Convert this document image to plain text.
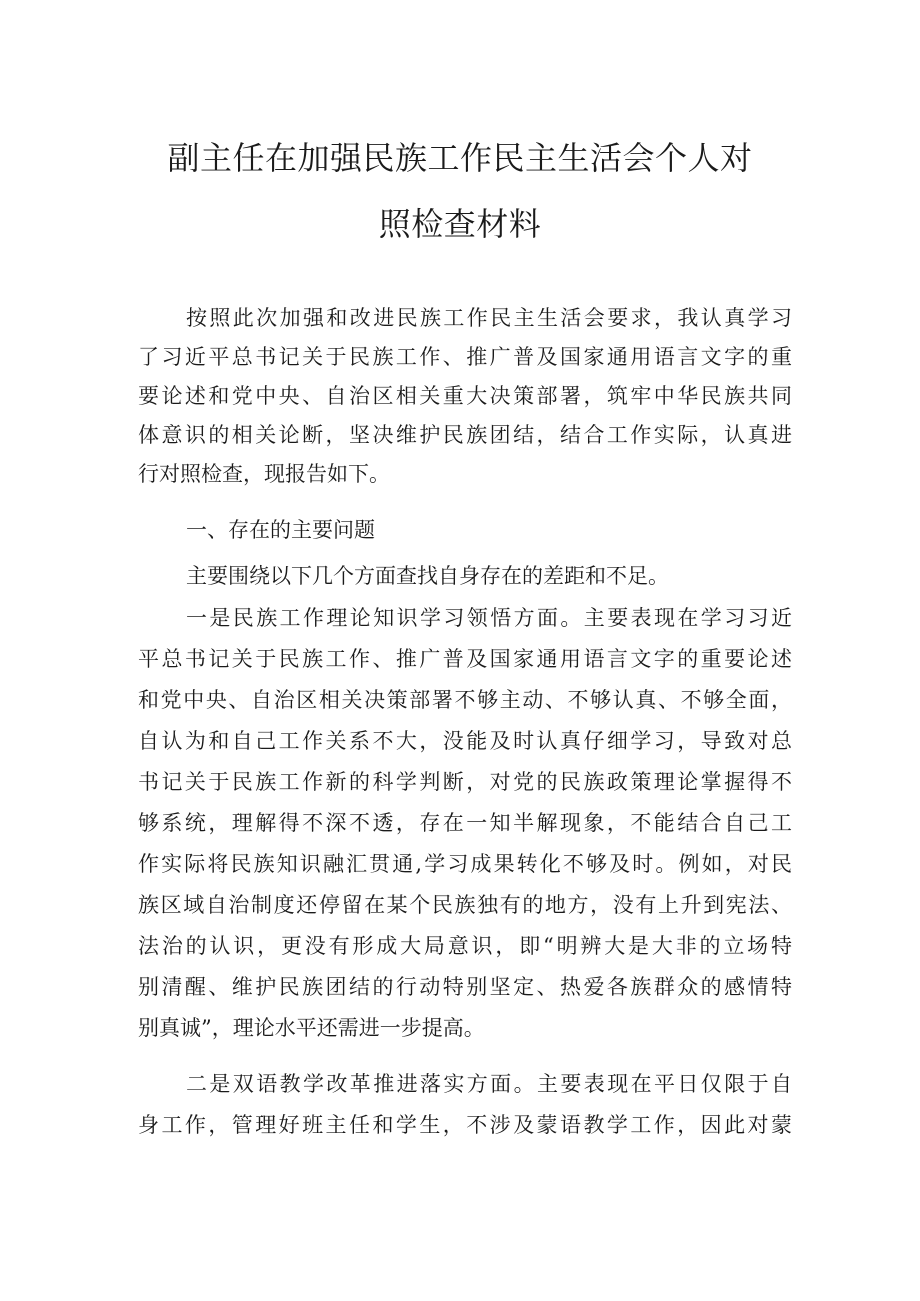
副主任在加强民族工作民主生活会个人对
照检查材料
按照此次加强和改进民族工作民主生活会要求，我认真学习
了习近平总书记关于民族工作、推广普及国家通用语言文字的重
要论述和党中央、自治区相关重大决策部署，筑牢中华民族共同
体意识的相关论断，坚决维护民族团结，结合工作实际，认真进
行对照检查，现报告如下。
一、存在的主要问题
主要围绕以下几个方面查找自身存在的差距和不足。
一是民族工作理论知识学习领悟方面。主要表现在学习习近
平总书记关于民族工作、推广普及国家通用语言文字的重要论述
和党中央、自治区相关决策部署不够主动、不够认真、不够全面，
自认为和自己工作关系不大，没能及时认真仔细学习，导致对总
书记关于民族工作新的科学判断，对党的民族政策理论掌握得不
够系统，理解得不深不透，存在一知半解现象，不能结合自己工
作实际将民族知识融汇贯通,学习成果转化不够及时。例如，对民
族区域自治制度还停留在某个民族独有的地方，没有上升到宪法、
法治的认识，更没有形成大局意识，即“明辨大是大非的立场特
别清醒、维护民族团结的行动特别坚定、热爱各族群众的感情特
别真诚”，理论水平还需进一步提高。
二是双语教学改革推进落实方面。主要表现在平日仅限于自
身工作，管理好班主任和学生，不涉及蒙语教学工作，因此对蒙
